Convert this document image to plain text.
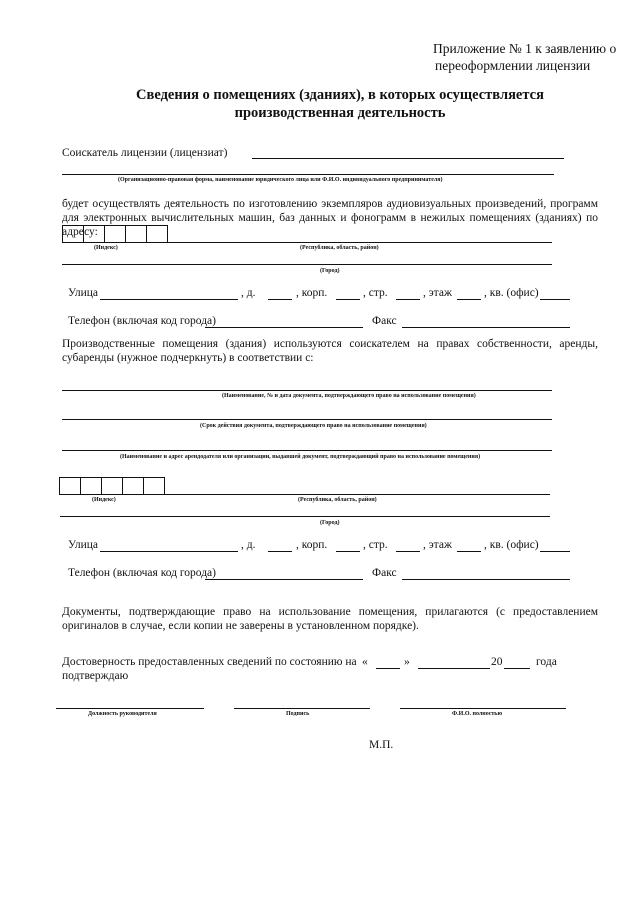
Приложение № 1 к заявлению о
переоформлении лицензии
Сведения о помещениях (зданиях), в которых осуществляется
производственная деятельность
Соискатель лицензии (лицензиат)
(Организационно-правовая форма, наименование юридического лица или Ф.И.О. индивидуального предпринимателя)
будет осуществлять деятельность по изготовлению экземпляров аудиовизуальных произведений, программ для электронных вычислительных машин, баз данных и фонограмм в нежилых помещениях (зданиях) по адресу:
(Индекс)	(Республика, область, район)
(Город)
Улица	, д.	, корп.	, стр.	, этаж	, кв. (офис)
Телефон (включая код города)	Факс
Производственные помещения (здания) используются соискателем на правах собственности, аренды, субаренды (нужное подчеркнуть) в соответствии с:
(Наименование, № и дата документа, подтверждающего право на использование помещения)
(Срок действия документа, подтверждающего право на использование помещения)
(Наименование и адрес арендодателя или организации, выдавшей документ, подтверждающий право на использование помещения)
(Индекс)	(Республика, область, район)
(Город)
Улица	, д.	, корп.	, стр.	, этаж	, кв. (офис)
Телефон (включая код города)	Факс
Документы, подтверждающие право на использование помещения, прилагаются (с предоставлением оригиналов в случае, если копии не заверены в установленном порядке).
Достоверность предоставленных сведений по состоянию на
подтверждаю
«	»	20	года
Должность руководителя	Подпись	Ф.И.О. полностью
М.П.
